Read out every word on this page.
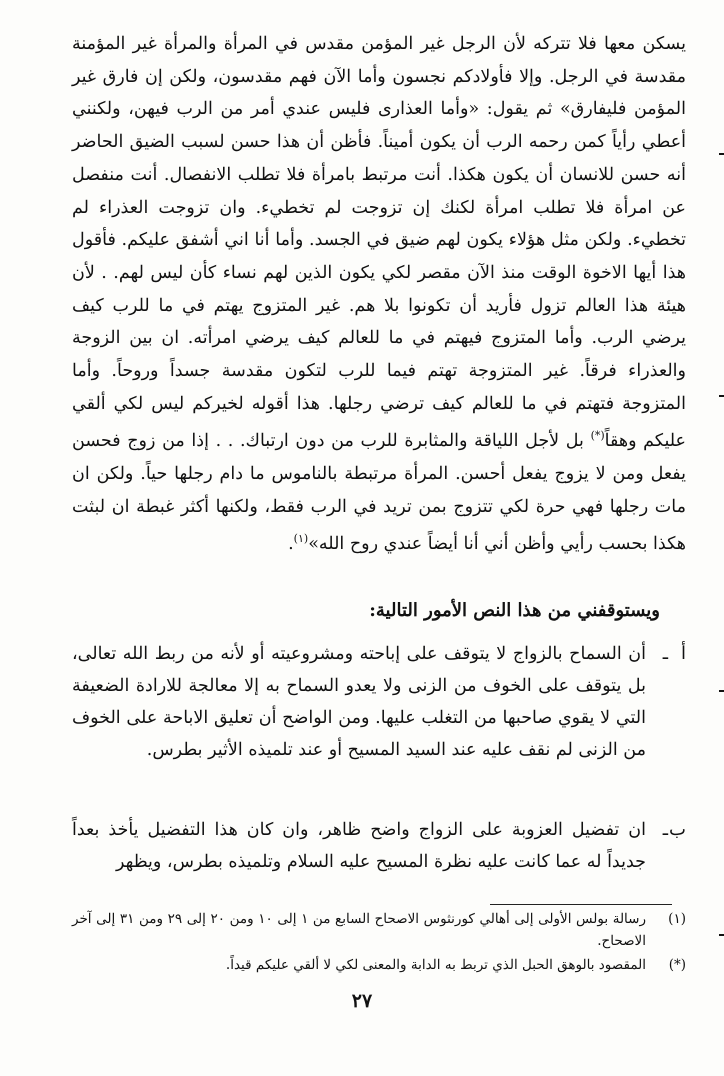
يسكن معها فلا تتركه لأن الرجل غير المؤمن مقدس في المرأة والمرأة غير المؤمنة مقدسة في الرجل. وإلا فأولادكم نجسون وأما الآن فهم مقدسون، ولكن إن فارق غير المؤمن فليفارق» ثم يقول: «وأما العذارى فليس عندي أمر من الرب فيهن، ولكنني أعطي رأياً كمن رحمه الرب أن يكون أميناً. فأظن أن هذا حسن لسبب الضيق الحاضر أنه حسن للانسان أن يكون هكذا. أنت مرتبط بامرأة فلا تطلب الانفصال. أنت منفصل عن امرأة فلا تطلب امرأة لكنك إن تزوجت لم تخطيء. وان تزوجت العذراء لم تخطيء. ولكن مثل هؤلاء يكون لهم ضيق في الجسد. وأما أنا اني أشفق عليكم. فأقول هذا أيها الاخوة الوقت منذ الآن مقصر لكي يكون الذين لهم نساء كأن ليس لهم. . لأن هيئة هذا العالم تزول فأريد أن تكونوا بلا هم. غير المتزوج يهتم في ما للرب كيف يرضي الرب. وأما المتزوج فيهتم في ما للعالم كيف يرضي امرأته. ان بين الزوجة والعذراء فرقاً. غير المتزوجة تهتم فيما للرب لتكون مقدسة جسداً وروحاً. وأما المتزوجة فتهتم في ما للعالم كيف ترضي رجلها. هذا أقوله لخيركم ليس لكي ألقي عليكم وهقاً(*) بل لأجل اللياقة والمثابرة للرب من دون ارتباك. . . إذا من زوج فحسن يفعل ومن لا يزوج يفعل أحسن. المرأة مرتبطة بالناموس ما دام رجلها حياً. ولكن ان مات رجلها فهي حرة لكي تتزوج بمن تريد في الرب فقط، ولكنها أكثر غبطة ان لبثت هكذا بحسب رأيي وأظن أني أنا أيضاً عندي روح الله»$^{(١)}$.

ويستوقفني من هذا النص الأمور التالية:
أ
ـ
أن السماح بالزواج لا يتوقف على إباحته ومشروعيته أو لأنه من ربط الله تعالى، بل يتوقف على الخوف من الزنى ولا يعدو السماح به إلا معالجة للارادة الضعيفة التي لا يقوي صاحبها من التغلب عليها. ومن الواضح أن تعليق الاباحة على الخوف من الزنى لم نقف عليه عند السيد المسيح أو عند تلميذه الأثير بطرس.
ب
ـ
ان تفضيل العزوبة على الزواج واضح ظاهر، وان كان هذا التفضيل يأخذ بعداً جديداً له عما كانت عليه نظرة المسيح عليه السلام وتلميذه بطرس، ويظهر
(١)
رسالة بولس الأولى إلى أهالي كورنثوس الاصحاح السابع من ١ إلى ١٠ ومن ٢٠ إلى ٢٩ ومن ٣١ إلى آخر الاصحاح.
(*)
المقصود بالوهق الحبل الذي تربط به الدابة والمعنى لكي لا ألقي عليكم قيداً.
٢٧
